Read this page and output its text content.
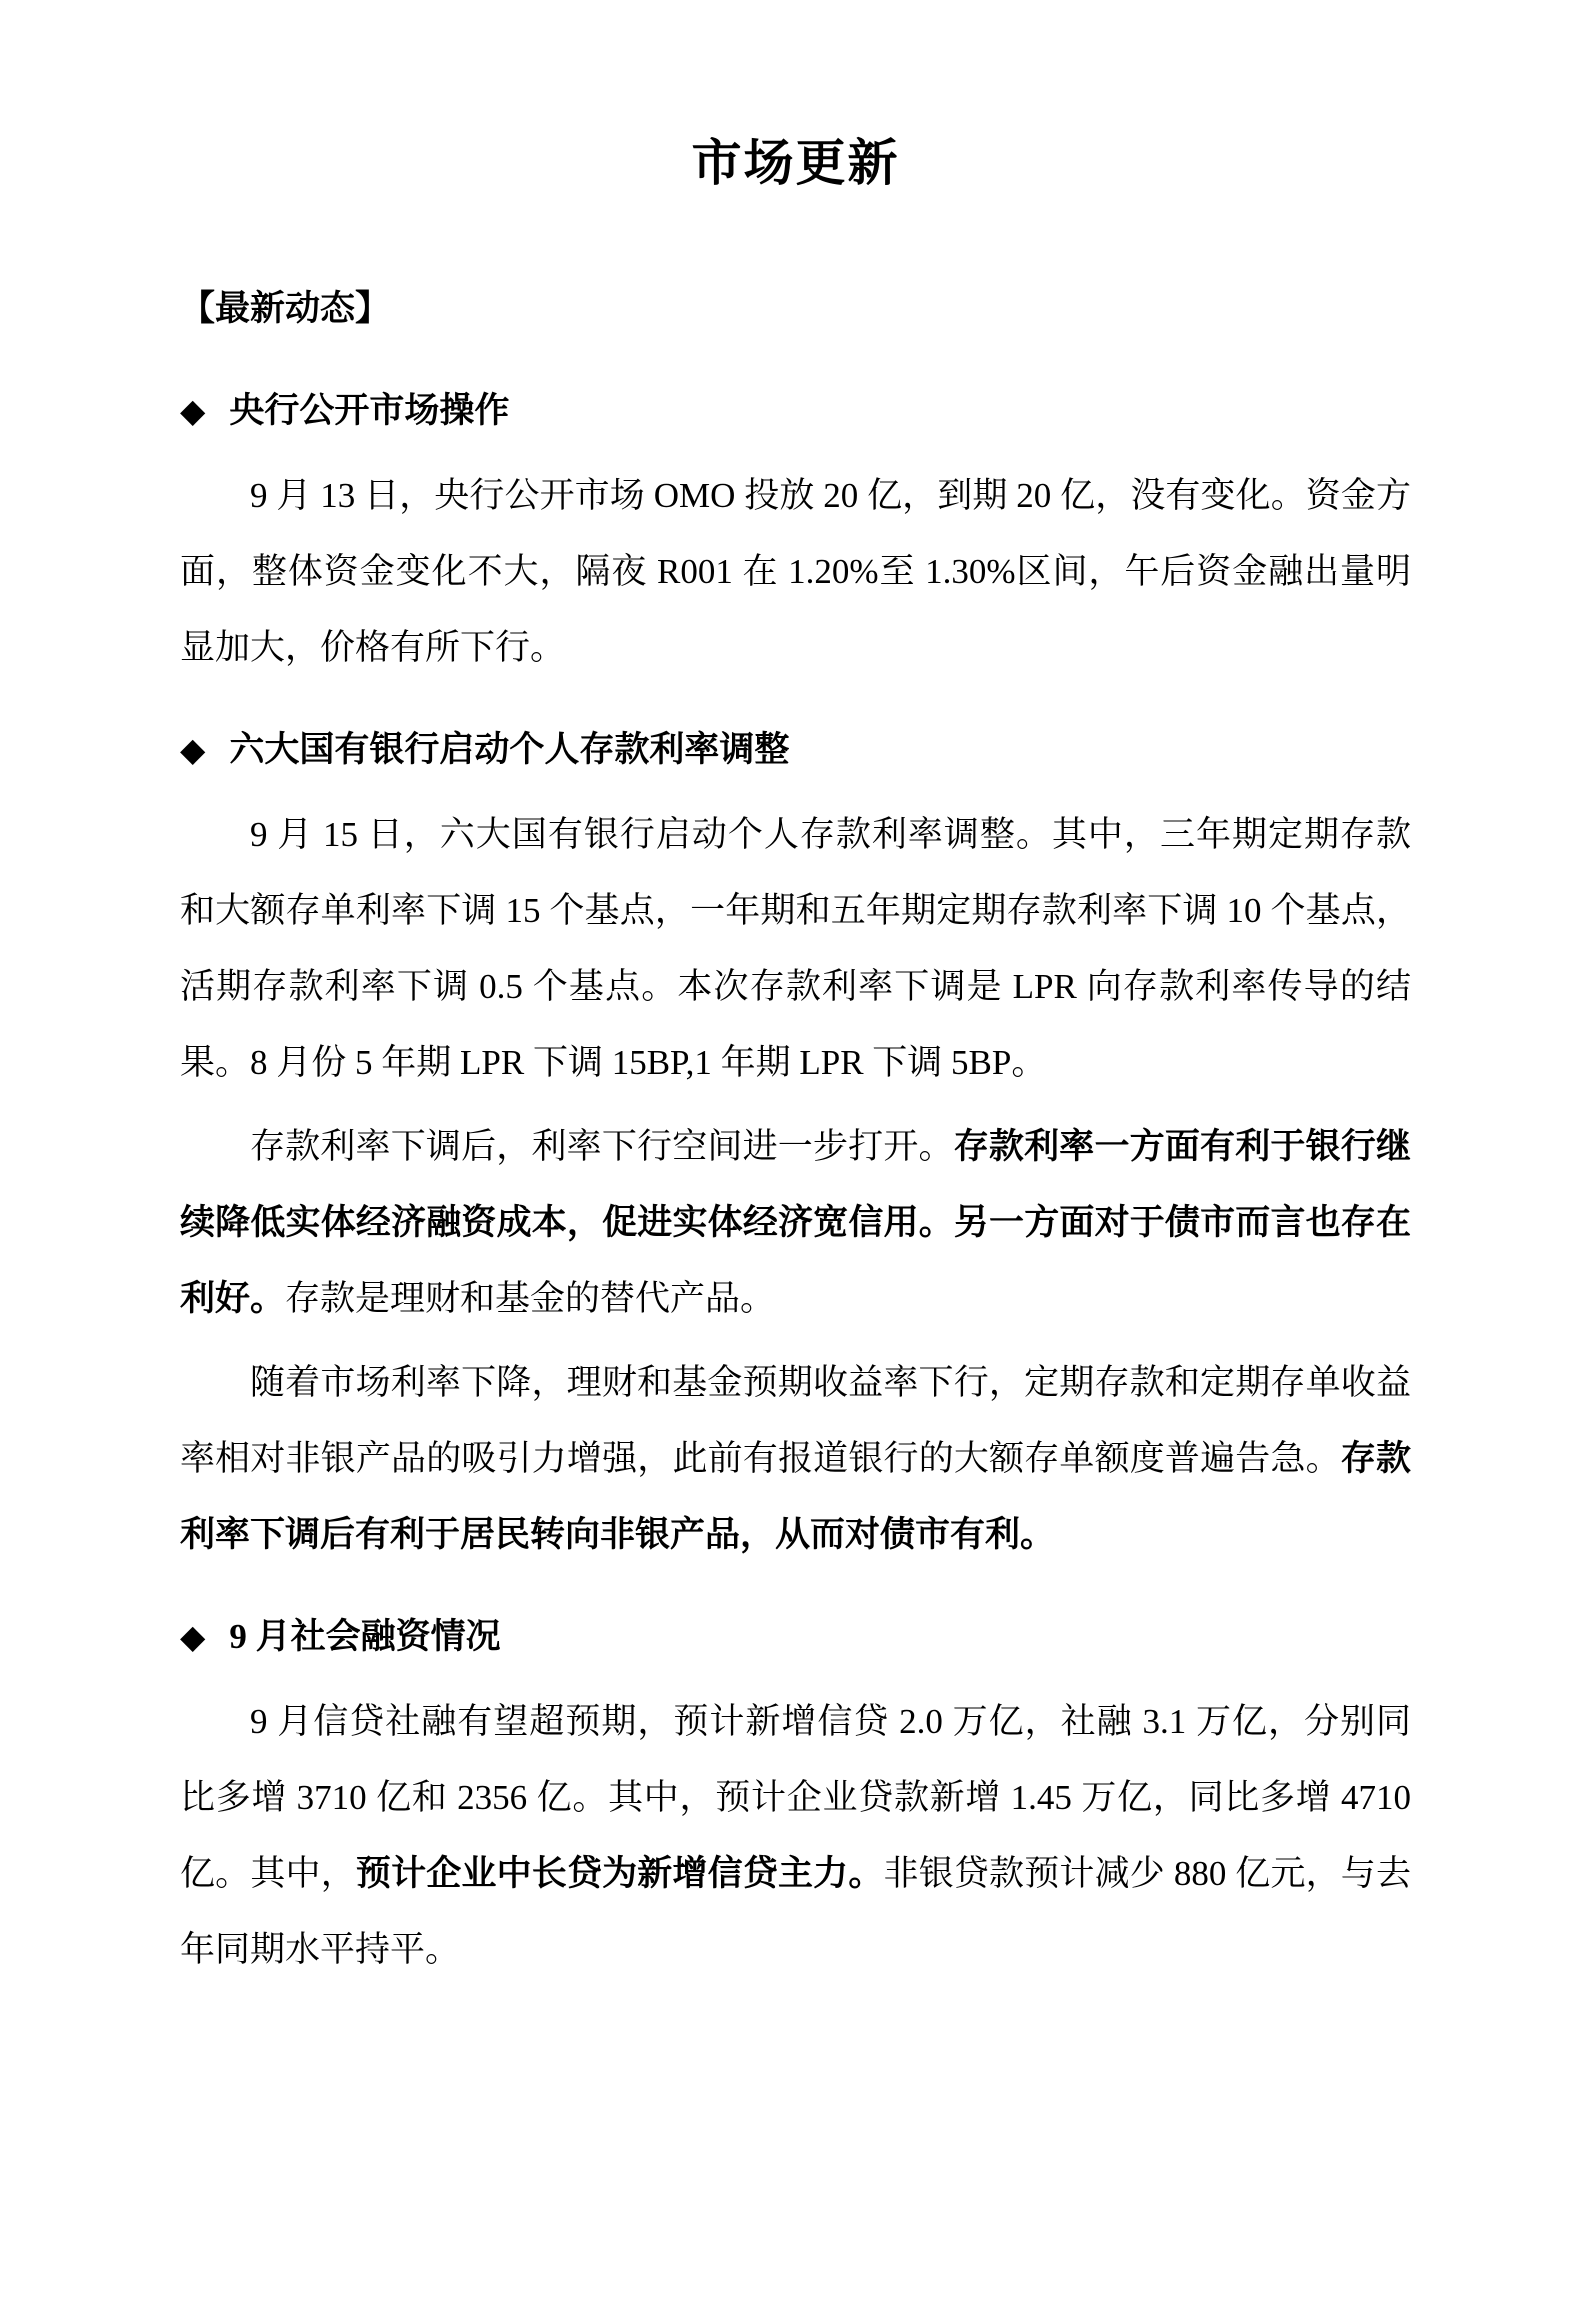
市场更新
【最新动态】
◆ 央行公开市场操作

9 月 13 日，央行公开市场 OMO 投放 20 亿，到期 20 亿，没有变化。资金方面，整体资金变化不大，隔夜 R001 在 1.20%至 1.30%区间，午后资金融出量明显加大，价格有所下行。

◆ 六大国有银行启动个人存款利率调整

9 月 15 日，六大国有银行启动个人存款利率调整。其中，三年期定期存款和大额存单利率下调 15 个基点，一年期和五年期定期存款利率下调 10 个基点，活期存款利率下调 0.5 个基点。本次存款利率下调是 LPR 向存款利率传导的结果。8 月份 5 年期 LPR 下调 15BP,1 年期 LPR 下调 5BP。

存款利率下调后，利率下行空间进一步打开。存款利率一方面有利于银行继续降低实体经济融资成本，促进实体经济宽信用。另一方面对于债市而言也存在利好。存款是理财和基金的替代产品。

随着市场利率下降，理财和基金预期收益率下行，定期存款和定期存单收益率相对非银产品的吸引力增强，此前有报道银行的大额存单额度普遍告急。存款利率下调后有利于居民转向非银产品，从而对债市有利。

◆ 9 月社会融资情况

9 月信贷社融有望超预期，预计新增信贷 2.0 万亿，社融 3.1 万亿，分别同比多增 3710 亿和 2356 亿。其中，预计企业贷款新增 1.45 万亿，同比多增 4710 亿。其中，预计企业中长贷为新增信贷主力。非银贷款预计减少 880 亿元，与去年同期水平持平。
